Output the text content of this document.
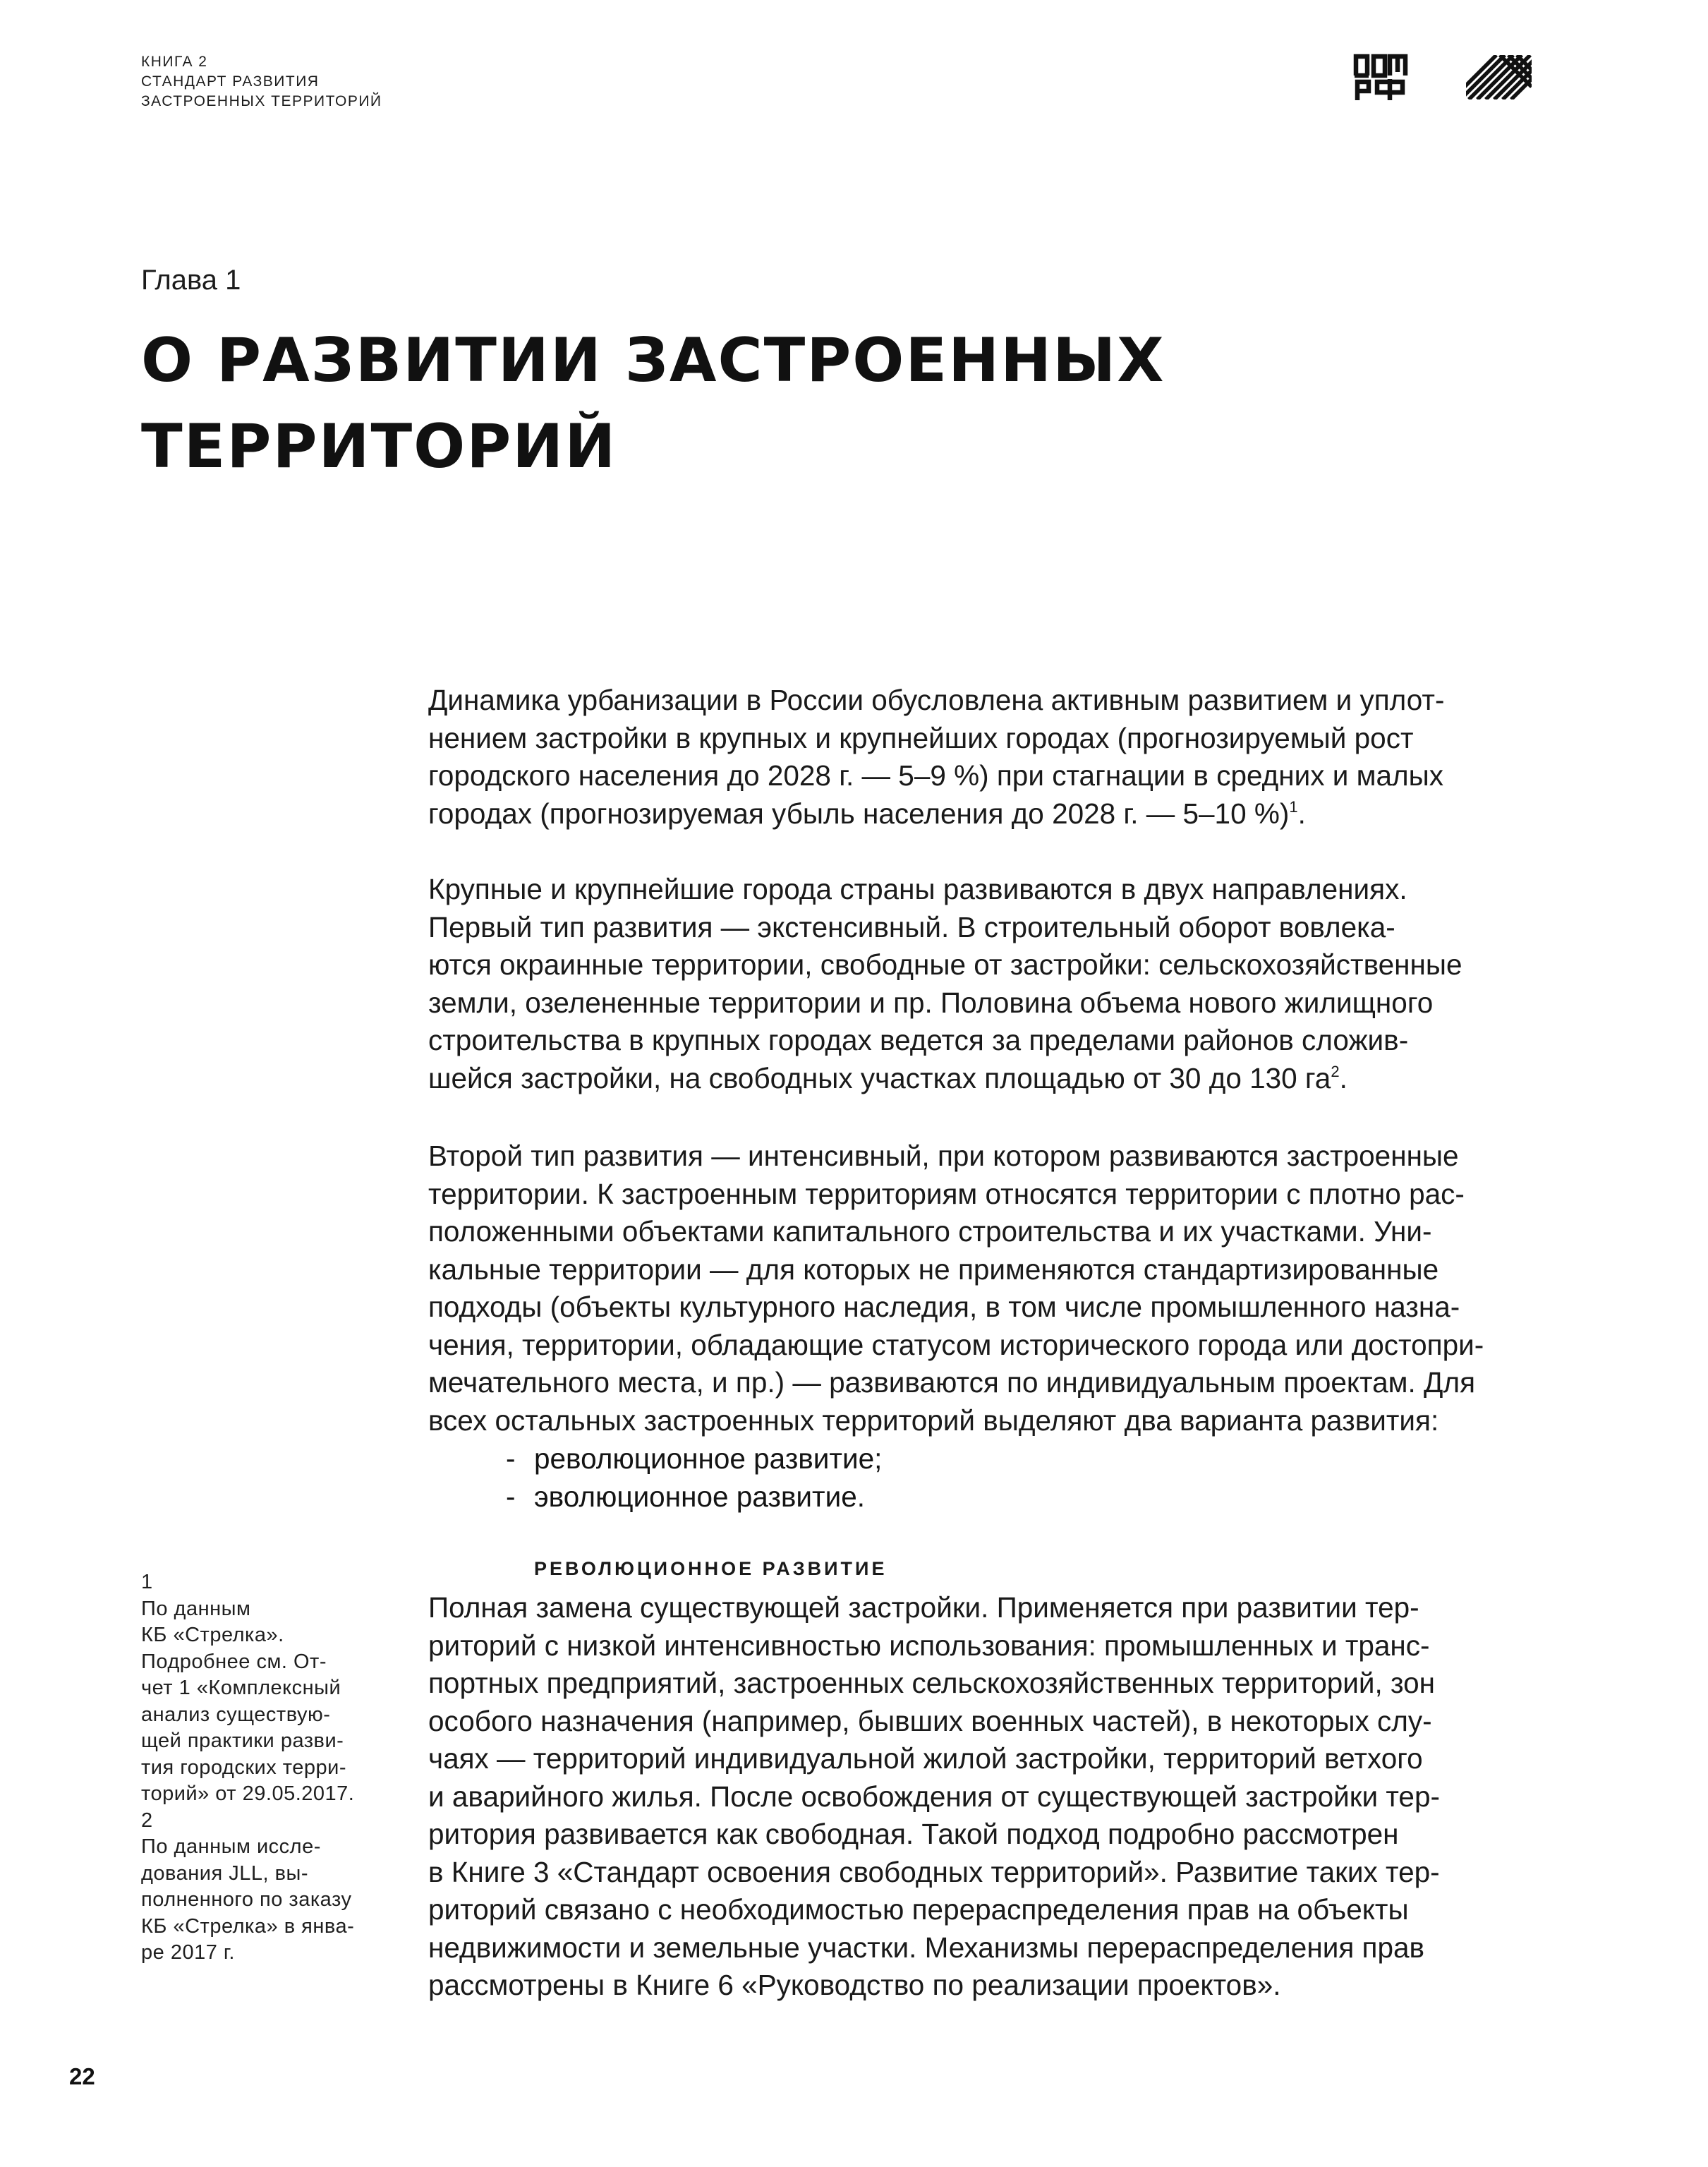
КНИГА 2
СТАНДАРТ РАЗВИТИЯ
ЗАСТРОЕННЫХ ТЕРРИТОРИЙ
Глава 1
О РАЗВИТИИ ЗАСТРОЕННЫХ
ТЕРРИТОРИЙ

Динамика урбанизации в России обусловлена активным развитием и уплот-
нением застройки в крупных и крупнейших городах (прогнозируемый рост
городского населения до 2028 г. — 5–9 %) при стагнации в средних и малых
городах (прогнозируемая убыль населения до 2028 г. — 5–10 %)$^1$.

Крупные и крупнейшие города страны развиваются в двух направлениях.
Первый тип развития — экстенсивный. В строительный оборот вовлека-
ются окраинные территории, свободные от застройки: сельскохозяйственные
земли, озелененные территории и пр. Половина объема нового жилищного
строительства в крупных городах ведется за пределами районов сложив-
шейся застройки, на свободных участках площадью от 30 до 130 $га^2$.

Второй тип развития — интенсивный, при котором развиваются застроенные
территории. К застроенным территориям относятся территории с плотно рас-
положенными объектами капитального строительства и их участками. Уни-
кальные территории — для которых не применяются стандартизированные
подходы (объекты культурного наследия, в том числе промышленного назна-
чения, территории, обладающие статусом исторического города или достопри-
мечательного места, и пр.) — развиваются по индивидуальным проектам. Для
всех остальных застроенных территорий выделяют два варианта развития:

- революционное развитие;
- эволюционное развитие.
РЕВОЛЮЦИОННОЕ РАЗВИТИЕ

Полная замена существующей застройки. Применяется при развитии тер-
риторий с низкой интенсивностью использования: промышленных и транс-
портных предприятий, застроенных сельскохозяйственных территорий, зон
особого назначения (например, бывших военных частей), в некоторых слу-
чаях — территорий индивидуальной жилой застройки, территорий ветхого
и аварийного жилья. После освобождения от существующей застройки тер-
ритория развивается как свободная. Такой подход подробно рассмотрен
в Книге 3 «Стандарт освоения свободных территорий». Развитие таких тер-
риторий связано с необходимостью перераспределения прав на объекты
недвижимости и земельные участки. Механизмы перераспределения прав
рассмотрены в Книге 6 «Руководство по реализации проектов».

1
По данным
КБ «Стрелка».
Подробнее см. От-
чет 1 «Комплексный
анализ существую-
щей практики разви-
тия городских терри-
торий» от 29.05.2017.
2
По данным иссле-
дования JLL, вы-
полненного по заказу
КБ «Стрелка» в янва-
ре 2017 г.
22
